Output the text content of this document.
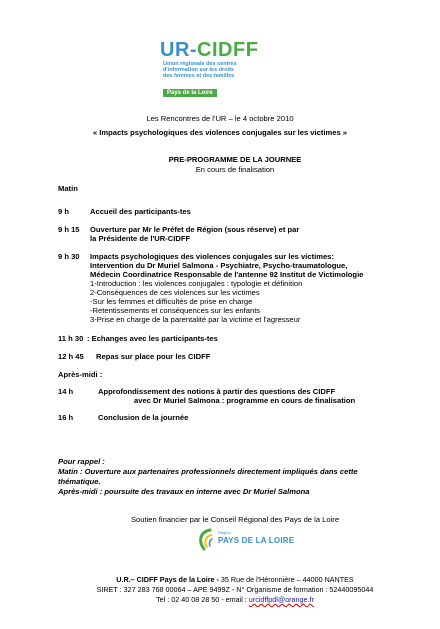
UR-CIDFF
Union régionale des centres
d'information sur les droits
des femmes et des familles
Pays de la Loire
Les Rencontres de l'UR – le 4 octobre 2010
« Impacts psychologiques des violences conjugales sur les victimes »
PRE-PROGRAMME DE LA JOURNEE
En cours de finalisation
Matin
9 h	Accueil des participants-tes
9 h 15 Ouverture par Mr le Préfet de Région (sous réserve) et par
la Présidente de l'UR-CIDFF
9 h 30 Impacts psychologiques des violences conjugales sur les victimes:
Intervention du Dr Muriel Salmona - Psychiatre, Psycho-traumatologue,
Médecin Coordinatrice Responsable de l'antenne 92 Institut de Victimologie
1-Introduction : les violences conjugales : typologie et définition
2-Conséquences de ces violences sur les victimes
-Sur les femmes et difficultés de prise en charge
-Retentissements et conséquences sur les enfants
3-Prise en charge de la parentalité par la victime et l'agresseur
11 h 30 : Echanges avec les participants-tes
12 h 45 Repas sur place pour les CIDFF
Après-midi :
14 h	Approfondissement des notions à partir des questions des CIDFF
avec Dr Muriel Salmona : programme en cours de finalisation
16 h	Conclusion de la journée
Pour rappel :
Matin : Ouverture aux partenaires professionnels directement impliqués dans cette
thématique.
Après-midi : poursuite des travaux en interne avec Dr Muriel Salmona
Soutien financier par le Conseil Régional des Pays de la Loire
Région
PAYS DE LA LOIRE
U.R.– CIDFF Pays de la Loire - 35 Rue de l'Héronnière – 44000 NANTES
SIRET : 327 283 768 00064 – APE 9499Z - N° Organisme de formation : 52440095044
Tel : 02 40 08 28 50 - email : urcidffpdl@orange.fr
